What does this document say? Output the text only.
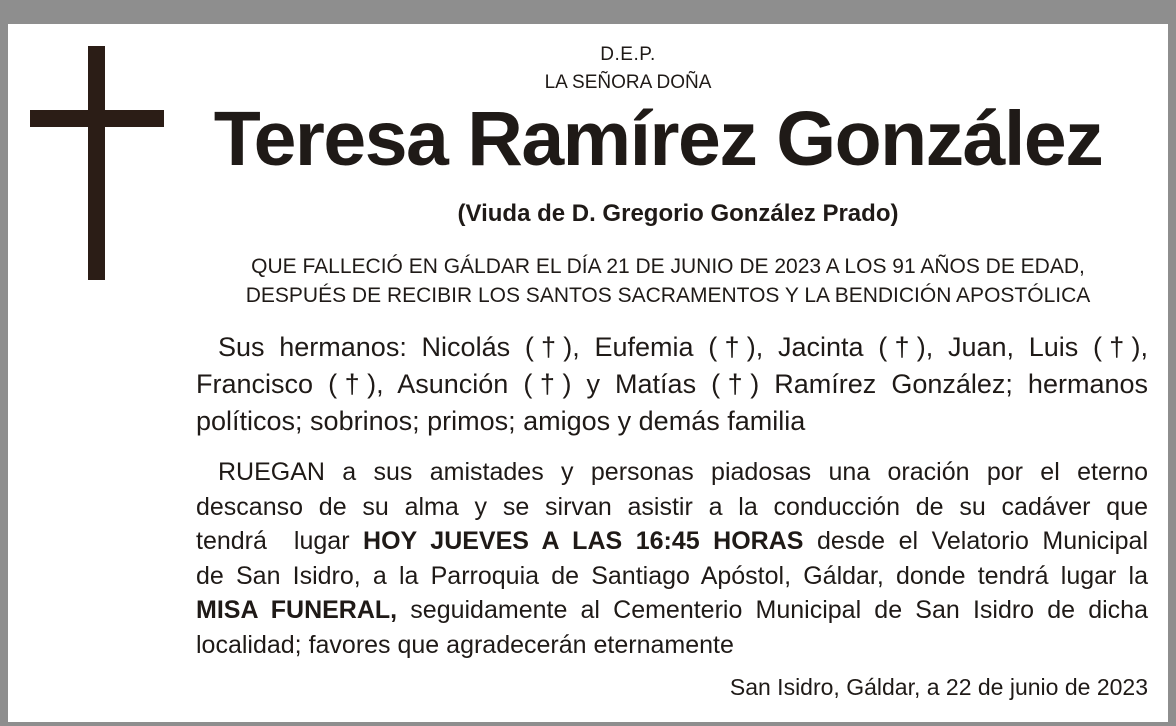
D.E.P.
LA SEÑORA DOÑA
Teresa Ramírez González
(Viuda de D. Gregorio González Prado)
QUE FALLECIÓ EN GÁLDAR EL DÍA 21 DE JUNIO DE 2023 A LOS 91 AÑOS DE EDAD,
DESPUÉS DE RECIBIR LOS SANTOS SACRAMENTOS Y LA BENDICIÓN APOSTÓLICA
Sus hermanos: Nicolás (†), Eufemia (†), Jacinta (†), Juan, Luis (†),
Francisco (†), Asunción (†) y Matías (†) Ramírez González; hermanos
políticos; sobrinos; primos; amigos y demás familia
RUEGAN a sus amistades y personas piadosas una oración por el eterno
descanso de su alma y se sirvan asistir a la conducción de su cadáver que
tendrá  lugar HOY JUEVES A LAS 16:45 HORAS desde el Velatorio Municipal
de San Isidro, a la Parroquia de Santiago Apóstol, Gáldar, donde tendrá lugar la
MISA FUNERAL, seguidamente al Cementerio Municipal de San Isidro de dicha
localidad; favores que agradecerán eternamente
San Isidro, Gáldar, a 22 de junio de 2023
